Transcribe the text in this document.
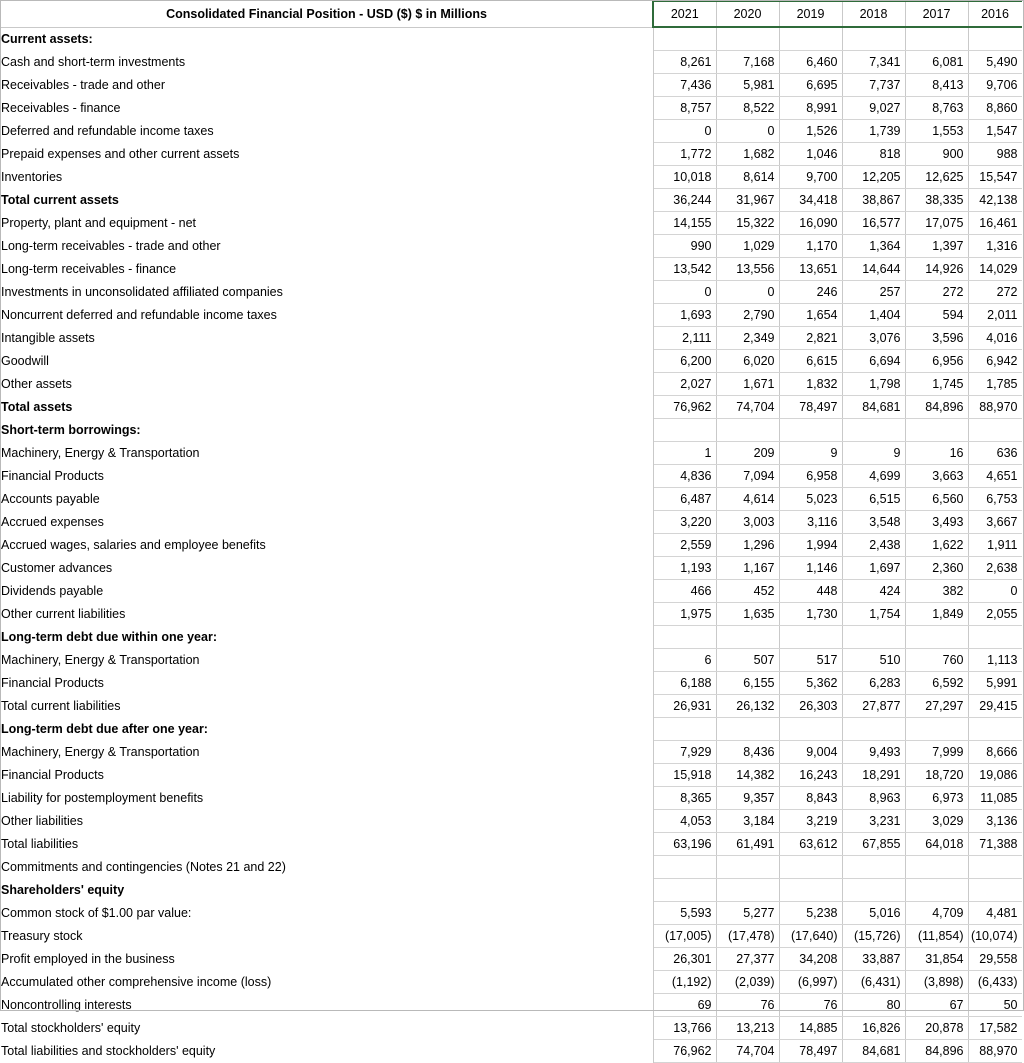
Consolidated Financial Position - USD ($) $ in Millions	2021	2020	2019	2018	2017	2016
Current assets:						
Cash and short-term investments	8,261	7,168	6,460	7,341	6,081	5,490
Receivables - trade and other	7,436	5,981	6,695	7,737	8,413	9,706
Receivables - finance	8,757	8,522	8,991	9,027	8,763	8,860
Deferred and refundable income taxes	0	0	1,526	1,739	1,553	1,547
Prepaid expenses and other current assets	1,772	1,682	1,046	818	900	988
Inventories	10,018	8,614	9,700	12,205	12,625	15,547
Total current assets	36,244	31,967	34,418	38,867	38,335	42,138
Property, plant and equipment - net	14,155	15,322	16,090	16,577	17,075	16,461
Long-term receivables - trade and other	990	1,029	1,170	1,364	1,397	1,316
Long-term receivables - finance	13,542	13,556	13,651	14,644	14,926	14,029
Investments in unconsolidated affiliated companies	0	0	246	257	272	272
Noncurrent deferred and refundable income taxes	1,693	2,790	1,654	1,404	594	2,011
Intangible assets	2,111	2,349	2,821	3,076	3,596	4,016
Goodwill	6,200	6,020	6,615	6,694	6,956	6,942
Other assets	2,027	1,671	1,832	1,798	1,745	1,785
Total assets	76,962	74,704	78,497	84,681	84,896	88,970
Short-term borrowings:						
Machinery, Energy & Transportation	1	209	9	9	16	636
Financial Products	4,836	7,094	6,958	4,699	3,663	4,651
Accounts payable	6,487	4,614	5,023	6,515	6,560	6,753
Accrued expenses	3,220	3,003	3,116	3,548	3,493	3,667
Accrued wages, salaries and employee benefits	2,559	1,296	1,994	2,438	1,622	1,911
Customer advances	1,193	1,167	1,146	1,697	2,360	2,638
Dividends payable	466	452	448	424	382	0
Other current liabilities	1,975	1,635	1,730	1,754	1,849	2,055
Long-term debt due within one year:						
Machinery, Energy & Transportation	6	507	517	510	760	1,113
Financial Products	6,188	6,155	5,362	6,283	6,592	5,991
Total current liabilities	26,931	26,132	26,303	27,877	27,297	29,415
Long-term debt due after one year:						
Machinery, Energy & Transportation	7,929	8,436	9,004	9,493	7,999	8,666
Financial Products	15,918	14,382	16,243	18,291	18,720	19,086
Liability for postemployment benefits	8,365	9,357	8,843	8,963	6,973	11,085
Other liabilities	4,053	3,184	3,219	3,231	3,029	3,136
Total liabilities	63,196	61,491	63,612	67,855	64,018	71,388
Commitments and contingencies (Notes 21 and 22)						
Shareholders' equity						
Common stock of $1.00 par value:	5,593	5,277	5,238	5,016	4,709	4,481
Treasury stock	(17,005)	(17,478)	(17,640)	(15,726)	(11,854)	(10,074)
Profit employed in the business	26,301	27,377	34,208	33,887	31,854	29,558
Accumulated other comprehensive income (loss)	(1,192)	(2,039)	(6,997)	(6,431)	(3,898)	(6,433)
Noncontrolling interests	69	76	76	80	67	50
Total stockholders' equity	13,766	13,213	14,885	16,826	20,878	17,582
Total liabilities and stockholders' equity	76,962	74,704	78,497	84,681	84,896	88,970
